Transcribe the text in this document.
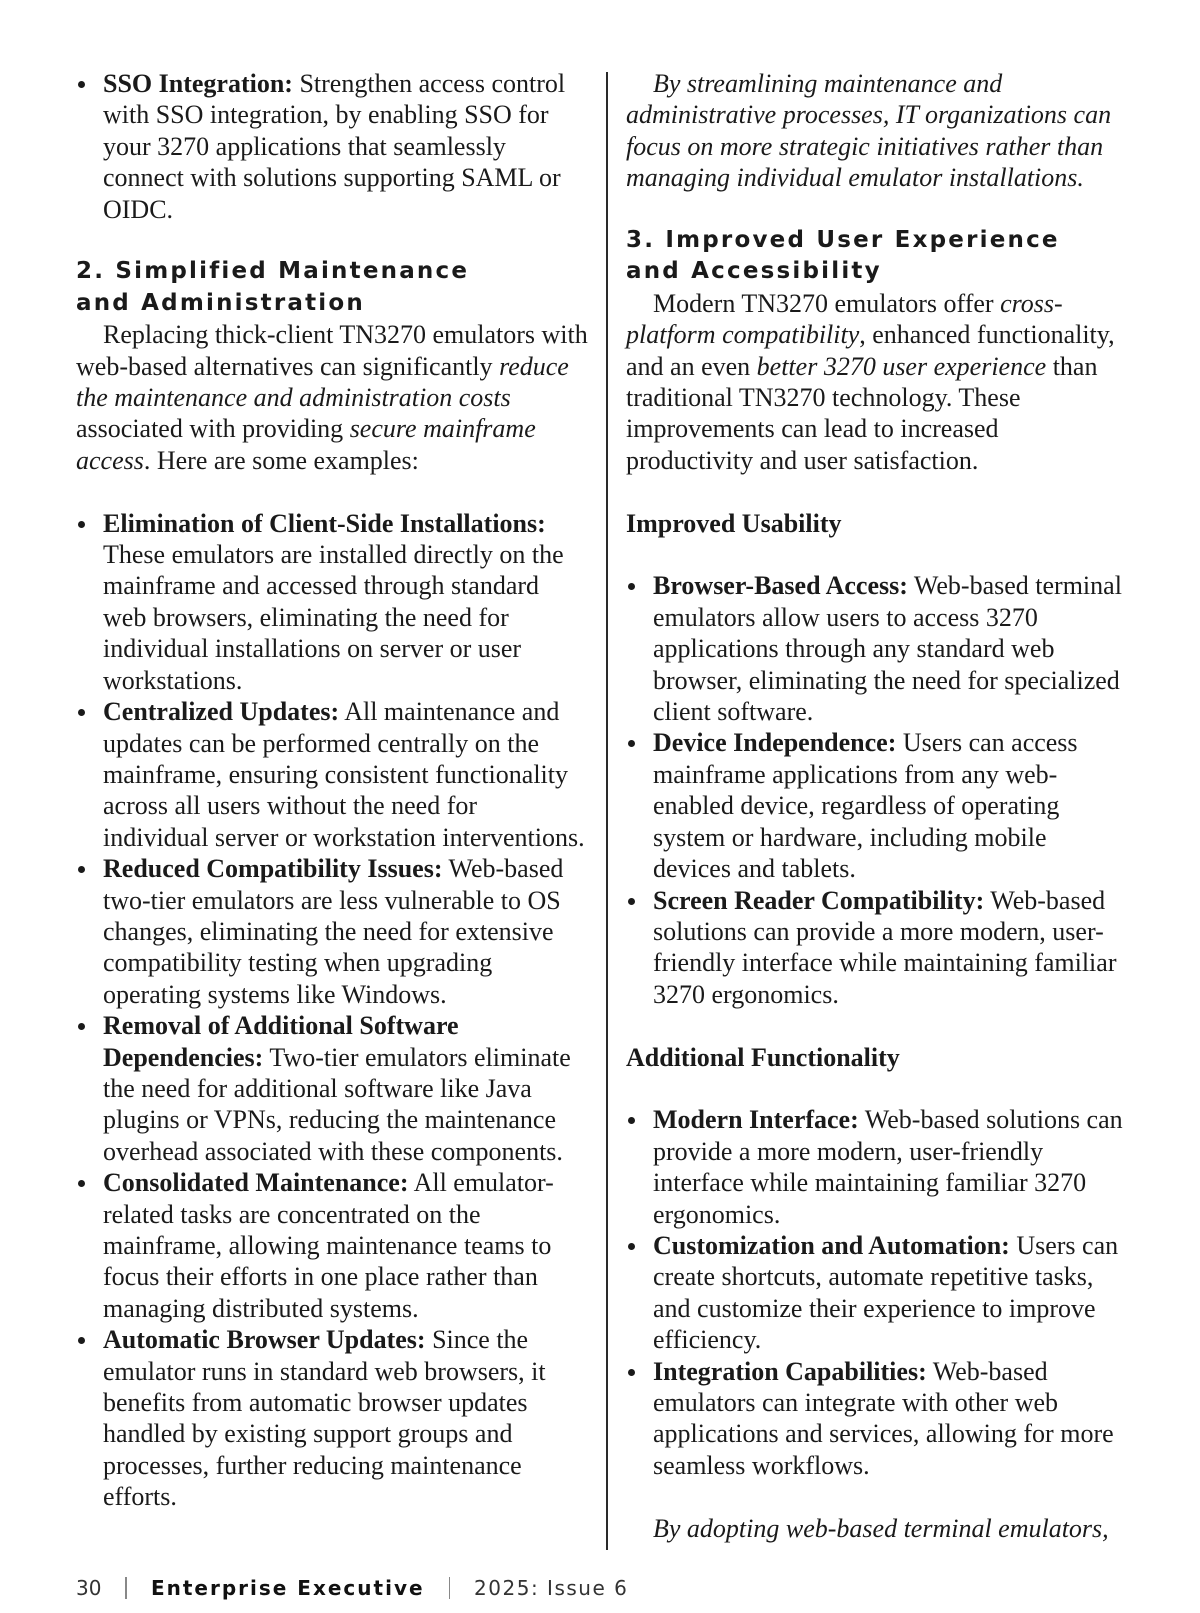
SSO Integration: Strengthen access control with SSO integration, by enabling SSO for your 3270 applications that seamlessly connect with solutions supporting SAML or OIDC.

2. Simplified Maintenance
and Administration

Replacing thick-client TN3270 emulators with web-based alternatives can significantly reduce the maintenance and administration costs associated with providing secure mainframe access. Here are some examples:

Elimination of Client-Side Installations: These emulators are installed directly on the mainframe and accessed through standard web browsers, eliminating the need for individual installations on server or user workstations.
Centralized Updates: All maintenance and updates can be performed centrally on the mainframe, ensuring consistent functionality across all users without the need for individual server or workstation interventions.
Reduced Compatibility Issues: Web-based two-tier emulators are less vulnerable to OS changes, eliminating the need for extensive compatibility testing when upgrading operating systems like Windows.
Removal of Additional Software Dependencies: Two-tier emulators eliminate the need for additional software like Java plugins or VPNs, reducing the maintenance overhead associated with these components.
Consolidated Maintenance: All emulator-related tasks are concentrated on the mainframe, allowing maintenance teams to focus their efforts in one place rather than managing distributed systems.
Automatic Browser Updates: Since the emulator runs in standard web browsers, it benefits from automatic browser updates handled by existing support groups and processes, further reducing maintenance efforts.

By streamlining maintenance and administrative processes, IT organizations can focus on more strategic initiatives rather than managing individual emulator installations.

3. Improved User Experience
and Accessibility

Modern TN3270 emulators offer cross-platform compatibility, enhanced functionality, and an even better 3270 user experience than traditional TN3270 technology. These improvements can lead to increased productivity and user satisfaction.

Improved Usability

Browser-Based Access: Web-based terminal emulators allow users to access 3270 applications through any standard web browser, eliminating the need for specialized client software.
Device Independence: Users can access mainframe applications from any web-enabled device, regardless of operating system or hardware, including mobile devices and tablets.
Screen Reader Compatibility: Web-based solutions can provide a more modern, user-friendly interface while maintaining familiar 3270 ergonomics.

Additional Functionality

Modern Interface: Web-based solutions can provide a more modern, user-friendly interface while maintaining familiar 3270 ergonomics.
Customization and Automation: Users can create shortcuts, automate repetitive tasks, and customize their experience to improve efficiency.
Integration Capabilities: Web-based emulators can integrate with other web applications and services, allowing for more seamless workflows.

By adopting web-based terminal emulators,

30 Enterprise Executive 2025: Issue 6
